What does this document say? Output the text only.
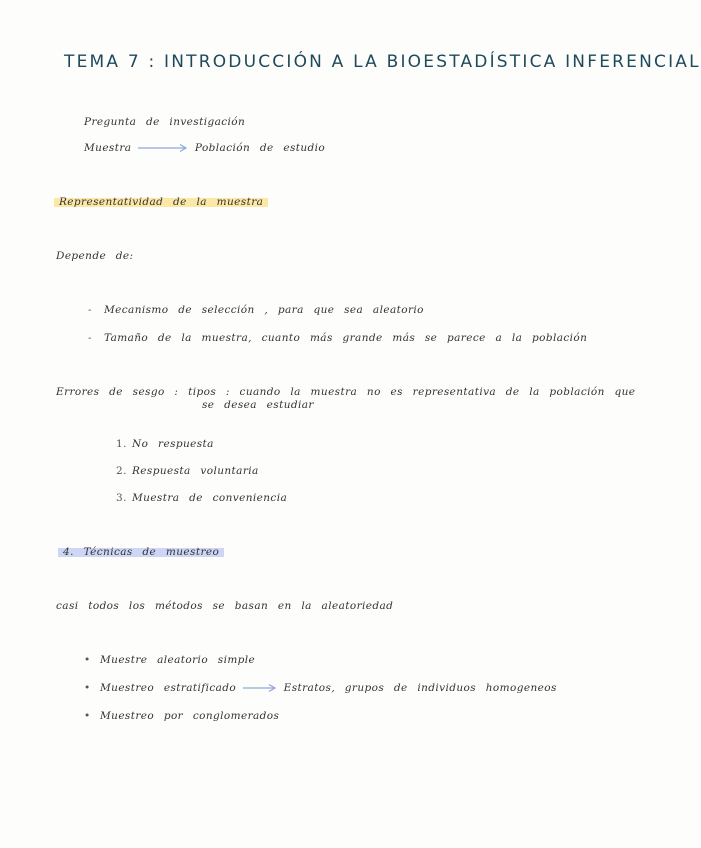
TEMA 7 : INTRODUCCIÓN A LA BIOESTADÍSTICA INFERENCIAL
Pregunta de investigación
Muestra	Población de estudio
Representatividad de la muestra
Depende de:
- Mecanismo de selección , para que sea aleatorio
- Tamaño de la muestra, cuanto más grande más se parece a la población
Errores de sesgo : tipos : cuando la muestra no es representativa de la población que
se desea estudiar
1. No respuesta
2. Respuesta voluntaria
3. Muestra de conveniencia
4. Técnicas de muestreo
casi todos los métodos se basan en la aleatoriedad
• Muestre aleatorio simple
• Muestreo estratificado	Estratos, grupos de individuos homogeneos
• Muestreo por conglomerados
